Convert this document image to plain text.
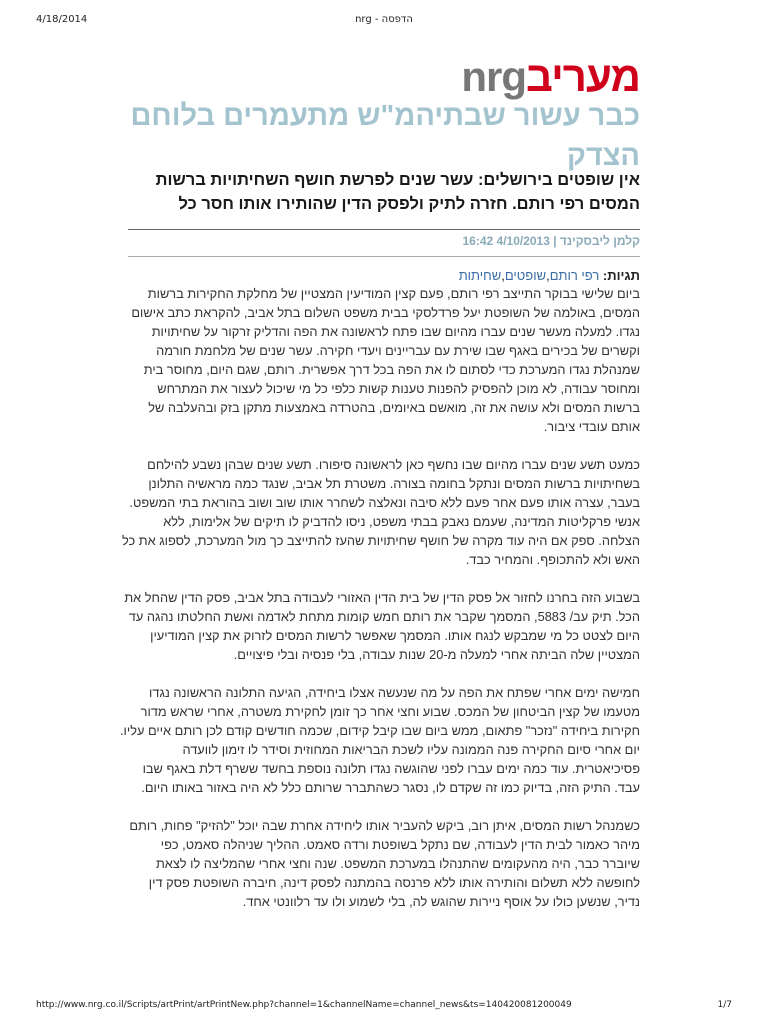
4/18/2014	nrg - הדפסה
nrg מעריב
כבר עשור שבתיהמ"ש מתעמרים בלוחם הצדק
אין שופטים בירושלים: עשר שנים לפרשת חושף השחיתויות ברשות המסים רפי רותם. חזרה לתיק ולפסק הדין שהותירו אותו חסר כל
קלמן ליבסקינד | 4/10/2013 16:42
תגיות: רפי רותם,שופטים,שחיתות

ביום שלישי בבוקר התייצב רפי רותם, פעם קצין המודיעין המצטיין של מחלקת החקירות ברשות המסים, באולמה של השופטת יעל פרדלסקי בבית משפט השלום בתל אביב, להקראת כתב אישום נגדו. למעלה מעשר שנים עברו מהיום שבו פתח לראשונה את הפה והדליק זרקור על שחיתויות וקשרים של בכירים באגף שבו שירת עם עבריינים ויעדי חקירה. עשר שנים של מלחמת חורמה שמנהלת נגדו המערכת כדי לסתום לו את הפה בכל דרך אפשרית. רותם, שגם היום, מחוסר בית ומחוסר עבודה, לא מוכן להפסיק להפנות טענות קשות כלפי כל מי שיכול לעצור את המתרחש ברשות המסים ולא עושה את זה, מואשם באיומים, בהטרדה באמצעות מתקן בזק ובהעלבה של אותם עובדי ציבור.

כמעט תשע שנים עברו מהיום שבו נחשף כאן לראשונה סיפורו. תשע שנים שבהן נשבע להילחם בשחיתויות ברשות המסים ונתקל בחומה בצורה. משטרת תל אביב, שנגד כמה מראשיה התלונן בעבר, עצרה אותו פעם אחר פעם ללא סיבה ונאלצה לשחרר אותו שוב ושוב בהוראת בתי המשפט. אנשי פרקליטות המדינה, שעמם נאבק בבתי משפט, ניסו להדביק לו תיקים של אלימות, ללא הצלחה. ספק אם היה עוד מקרה של חושף שחיתויות שהעז להתייצב כך מול המערכת, לספוג את כל האש ולא להתכופף. והמחיר כבד.

בשבוע הזה בחרנו לחזור אל פסק הדין של בית הדין האזורי לעבודה בתל אביב, פסק הדין שהחל את הכל. תיק עב/ 5883, המסמך שקבר את רותם חמש קומות מתחת לאדמה ואשת החלטתו נהגה עד היום לצטט כל מי שמבקש לנגח אותו. המסמך שאפשר לרשות המסים לזרוק את קצין המודיעין המצטיין שלה הביתה אחרי למעלה מ-20 שנות עבודה, בלי פנסיה ובלי פיצויים.

חמישה ימים אחרי שפתח את הפה על מה שנעשה אצלו ביחידה, הגיעה התלונה הראשונה נגדו מטעמו של קצין הביטחון של המכס. שבוע וחצי אחר כך זומן לחקירת משטרה, אחרי שראש מדור חקירות ביחידה "נזכר" פתאום, ממש ביום שבו קיבל קידום, שכמה חודשים קודם לכן רותם איים עליו. יום אחרי סיום החקירה פנה הממונה עליו לשכת הבריאות המחוזית וסידר לו זימון לוועדה פסיכיאטרית. עוד כמה ימים עברו לפני שהוגשה נגדו תלונה נוספת בחשד ששרף דלת באגף שבו עבד. התיק הזה, בדיוק כמו זה שקדם לו, נסגר כשהתברר שרותם כלל לא היה באזור באותו היום.

כשמנהל רשות המסים, איתן רוב, ביקש להעביר אותו ליחידה אחרת שבה יוכל "להזיק" פחות, רותם מיהר כאמור לבית הדין לעבודה, שם נתקל בשופטת ורדה סאמט. ההליך שניהלה סאמט, כפי שיוברר כבר, היה מהעקומים שהתנהלו במערכת המשפט. שנה וחצי אחרי שהמליצה לו לצאת לחופשה ללא תשלום והותירה אותו ללא פרנסה בהמתנה לפסק דינה, חיברה השופטת פסק דין נדיר, שנשען כולו על אוסף ניירות שהוגש לה, בלי לשמוע ולו עד רלוונטי אחד.

http://www.nrg.co.il/Scripts/artPrint/artPrintNew.php?channel=1&channelName=channel_news&ts=140420081200049	1/7
